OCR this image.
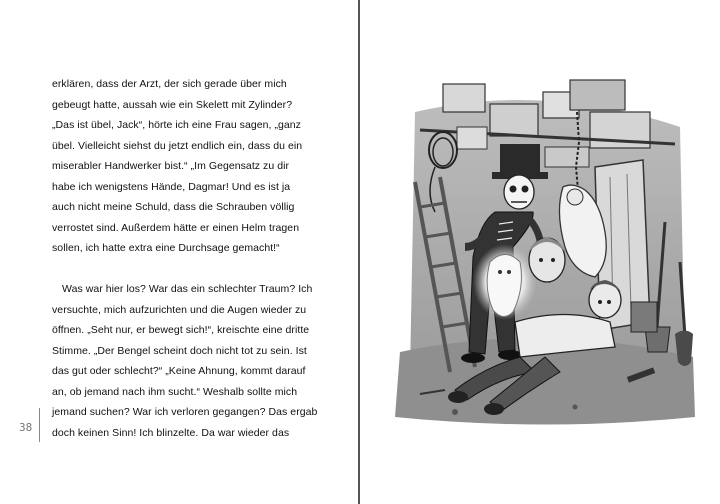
erklären, dass der Arzt, der sich gerade über mich
gebeugt hatte, aussah wie ein Skelett mit Zylinder?
„Das ist übel, Jack“, hörte ich eine Frau sagen, „ganz
übel. Vielleicht siehst du jetzt endlich ein, dass du ein
miserabler Handwerker bist.“ „Im Gegensatz zu dir
habe ich wenigstens Hände, Dagmar! Und es ist ja
auch nicht meine Schuld, dass die Schrauben völlig
verrostet sind. Außerdem hätte er einen Helm tragen
sollen, ich hatte extra eine Durchsage gemacht!“
Was war hier los? War das ein schlechter Traum? Ich
versuchte, mich aufzurichten und die Augen wieder zu
öffnen. „Seht nur, er bewegt sich!“, kreischte eine dritte
Stimme. „Der Bengel scheint doch nicht tot zu sein. Ist
das gut oder schlecht?“ „Keine Ahnung, kommt darauf
an, ob jemand nach ihm sucht.“ Weshalb sollte mich
jemand suchen? War ich verloren gegangen? Das ergab
doch keinen Sinn! Ich blinzelte. Da war wieder das
38
